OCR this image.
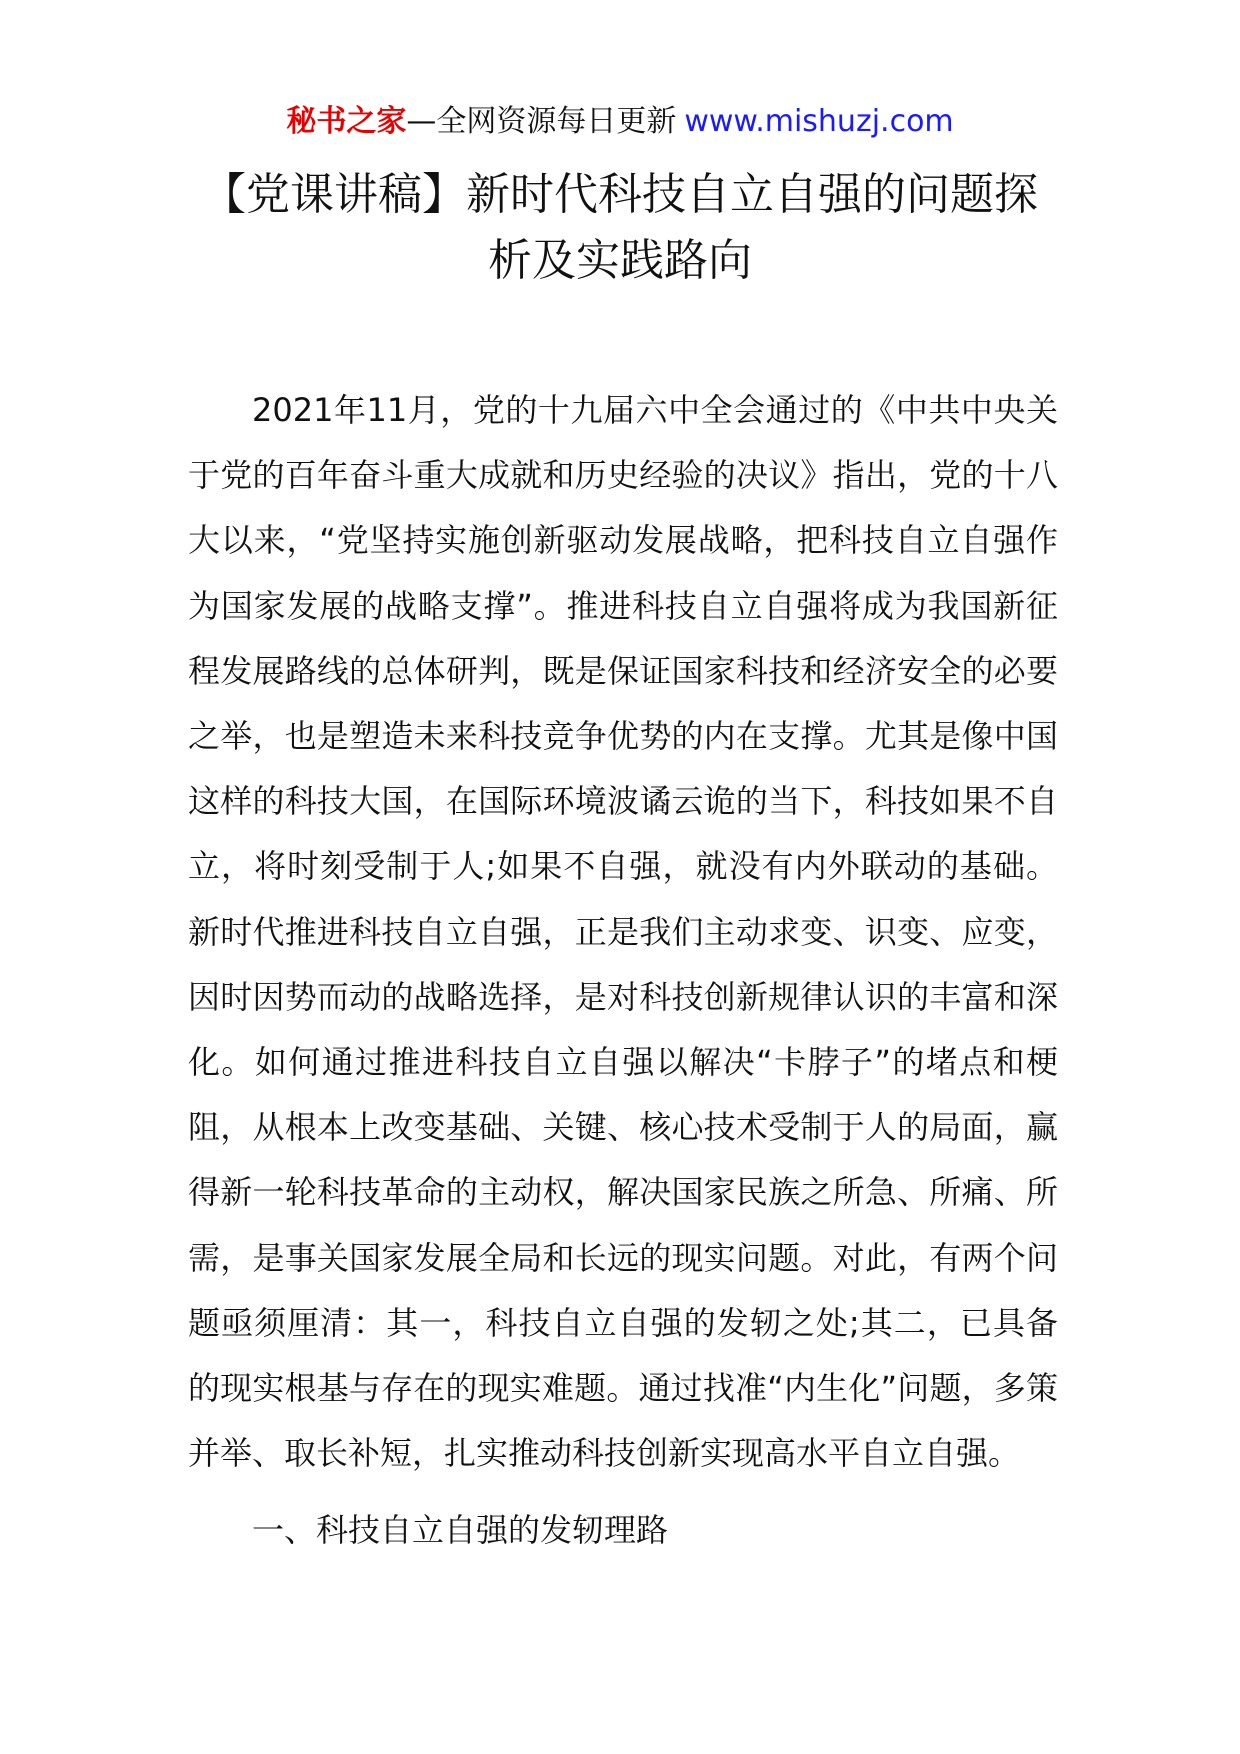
秘书之家—全网资源每日更新 www.mishuzj.com
【党课讲稿】新时代科技自立自强的问题探
析及实践路向

2021年11月，党的十九届六中全会通过的《中共中央关于党的百年奋斗重大成就和历史经验的决议》指出，党的十八大以来，“党坚持实施创新驱动发展战略，把科技自立自强作为国家发展的战略支撑”。推进科技自立自强将成为我国新征程发展路线的总体研判，既是保证国家科技和经济安全的必要之举，也是塑造未来科技竞争优势的内在支撑。尤其是像中国这样的科技大国，在国际环境波谲云诡的当下，科技如果不自立，将时刻受制于人;如果不自强，就没有内外联动的基础。新时代推进科技自立自强，正是我们主动求变、识变、应变，因时因势而动的战略选择，是对科技创新规律认识的丰富和深化。如何通过推进科技自立自强以解决“卡脖子”的堵点和梗阻，从根本上改变基础、关键、核心技术受制于人的局面，赢得新一轮科技革命的主动权，解决国家民族之所急、所痛、所需，是事关国家发展全局和长远的现实问题。对此，有两个问题亟须厘清：其一，科技自立自强的发轫之处;其二，已具备的现实根基与存在的现实难题。通过找准“内生化”问题，多策并举、取长补短，扎实推动科技创新实现高水平自立自强。

一、科技自立自强的发轫理路
